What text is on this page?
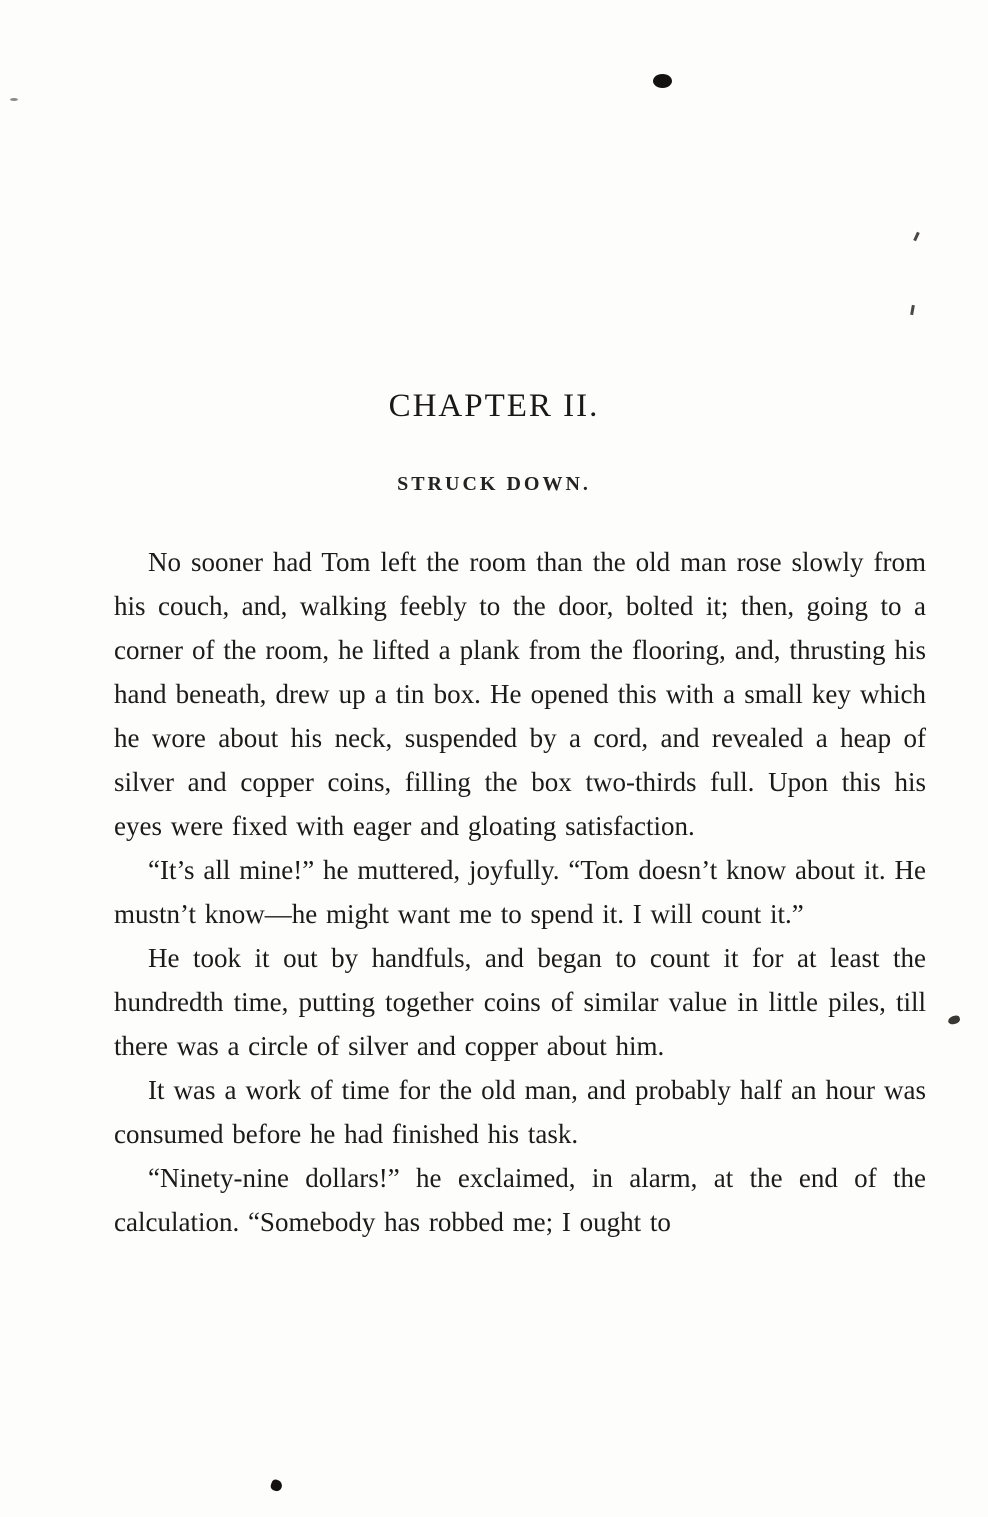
CHAPTER II.
STRUCK DOWN.

No sooner had Tom left the room than the old man rose slowly from his couch, and, walking feebly to the door, bolted it; then, going to a corner of the room, he lifted a plank from the flooring, and, thrusting his hand beneath, drew up a tin box. He opened this with a small key which he wore about his neck, suspended by a cord, and revealed a heap of silver and copper coins, filling the box two-thirds full. Upon this his eyes were fixed with eager and gloating satisfaction.

“It’s all mine!” he muttered, joyfully. “Tom doesn’t know about it. He mustn’t know—he might want me to spend it. I will count it.”

He took it out by handfuls, and began to count it for at least the hundredth time, putting together coins of similar value in little piles, till there was a circle of silver and copper about him.

It was a work of time for the old man, and probably half an hour was consumed before he had finished his task.

“Ninety-nine dollars!” he exclaimed, in alarm, at the end of the calculation. “Somebody has robbed me; I ought to
